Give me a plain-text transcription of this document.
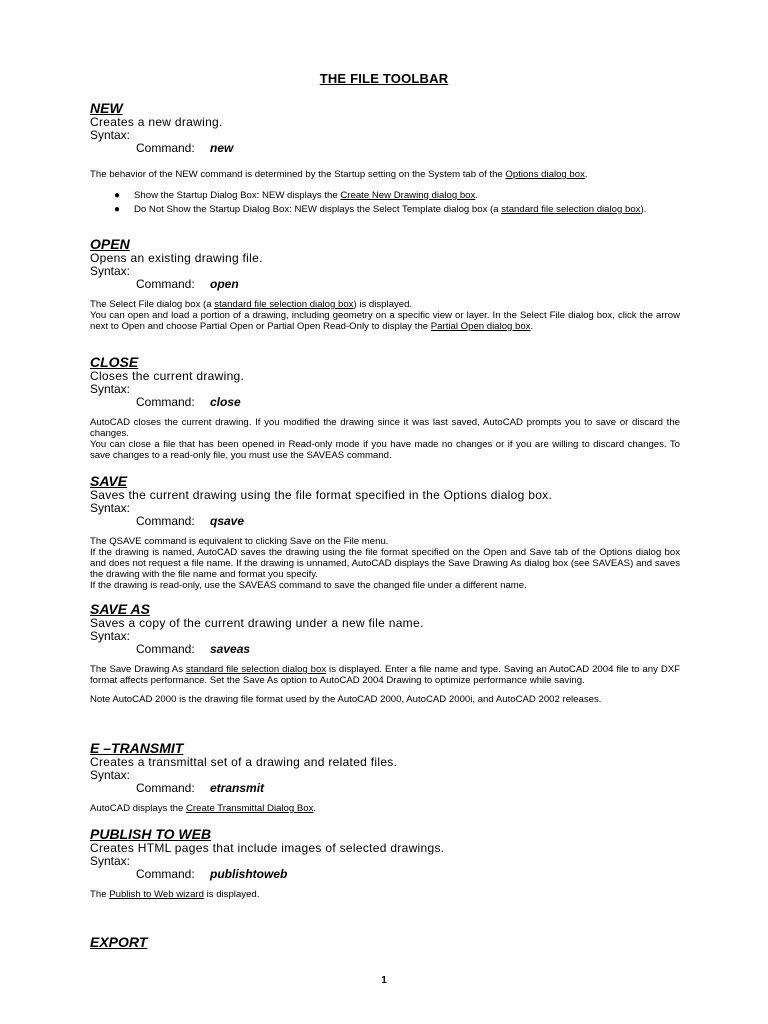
THE FILE TOOLBAR
NEW
Creates a new drawing.
Syntax:
Command: new

The behavior of the NEW command is determined by the Startup setting on the System tab of the Options dialog box.

● Show the Startup Dialog Box: NEW displays the Create New Drawing dialog box.
● Do Not Show the Startup Dialog Box: NEW displays the Select Template dialog box (a standard file selection dialog box).
OPEN
Opens an existing drawing file.
Syntax:
Command: open

The Select File dialog box (a standard file selection dialog box) is displayed.

You can open and load a portion of a drawing, including geometry on a specific view or layer. In the Select File dialog box, click the arrow next to Open and choose Partial Open or Partial Open Read-Only to display the Partial Open dialog box.

CLOSE
Closes the current drawing.
Syntax:
Command: close

AutoCAD closes the current drawing. If you modified the drawing since it was last saved, AutoCAD prompts you to save or discard the changes.

You can close a file that has been opened in Read-only mode if you have made no changes or if you are willing to discard changes. To save changes to a read-only file, you must use the SAVEAS command.

SAVE
Saves the current drawing using the file format specified in the Options dialog box.
Syntax:
Command: qsave

The QSAVE command is equivalent to clicking Save on the File menu.

If the drawing is named, AutoCAD saves the drawing using the file format specified on the Open and Save tab of the Options dialog box and does not request a file name. If the drawing is unnamed, AutoCAD displays the Save Drawing As dialog box (see SAVEAS) and saves the drawing with the file name and format you specify.

If the drawing is read-only, use the SAVEAS command to save the changed file under a different name.

SAVE AS
Saves a copy of the current drawing under a new file name.
Syntax:
Command: saveas

The Save Drawing As standard file selection dialog box is displayed. Enter a file name and type. Saving an AutoCAD 2004 file to any DXF format affects performance. Set the Save As option to AutoCAD 2004 Drawing to optimize performance while saving.

Note AutoCAD 2000 is the drawing file format used by the AutoCAD 2000, AutoCAD 2000i, and AutoCAD 2002 releases.

E –TRANSMIT
Creates a transmittal set of a drawing and related files.
Syntax:
Command: etransmit

AutoCAD displays the Create Transmittal Dialog Box.

PUBLISH TO WEB
Creates HTML pages that include images of selected drawings.
Syntax:
Command: publishtoweb

The Publish to Web wizard is displayed.

EXPORT
1
